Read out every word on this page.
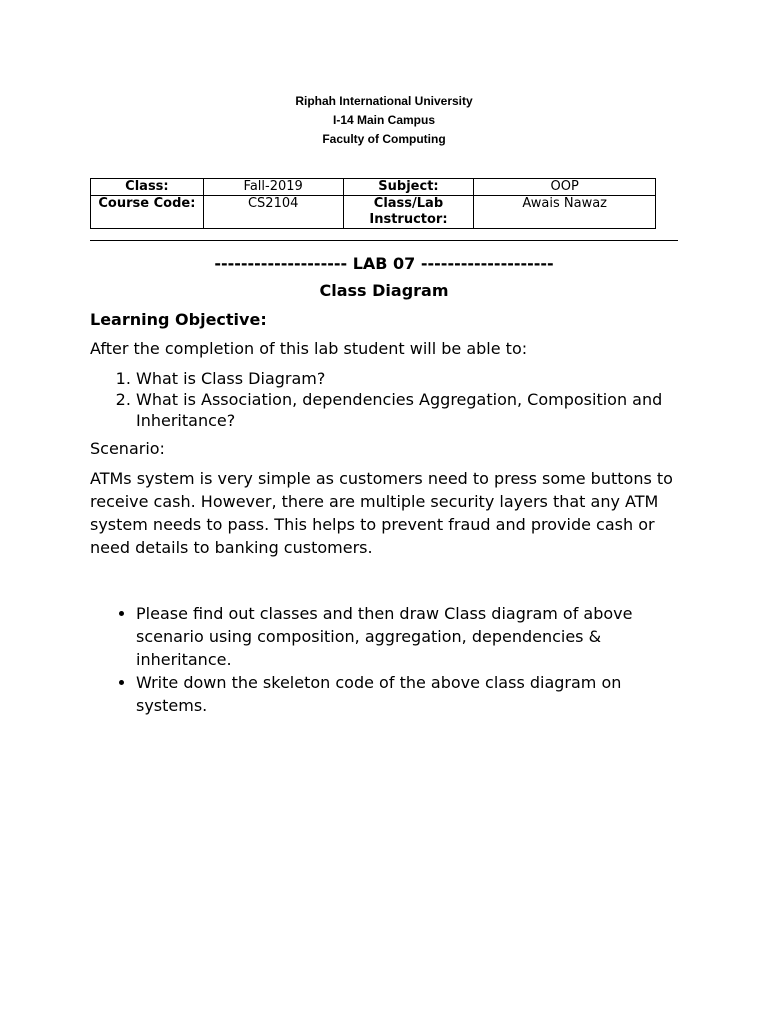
Riphah International University
I-14 Main Campus
Faculty of Computing
Class:	Fall-2019	Subject:	OOP
Course Code:	CS2104	Class/Lab Instructor:	Awais Nawaz
-------------------- LAB 07 --------------------
Class Diagram
Learning Objective:
After the completion of this lab student will be able to:
1. What is Class Diagram?
2. What is Association, dependencies Aggregation, Composition and Inheritance?
Scenario:
ATMs system is very simple as customers need to press some buttons to receive cash. However, there are multiple security layers that any ATM system needs to pass. This helps to prevent fraud and provide cash or need details to banking customers.
• Please find out classes and then draw Class diagram of above scenario using composition, aggregation, dependencies & inheritance.
• Write down the skeleton code of the above class diagram on systems.
